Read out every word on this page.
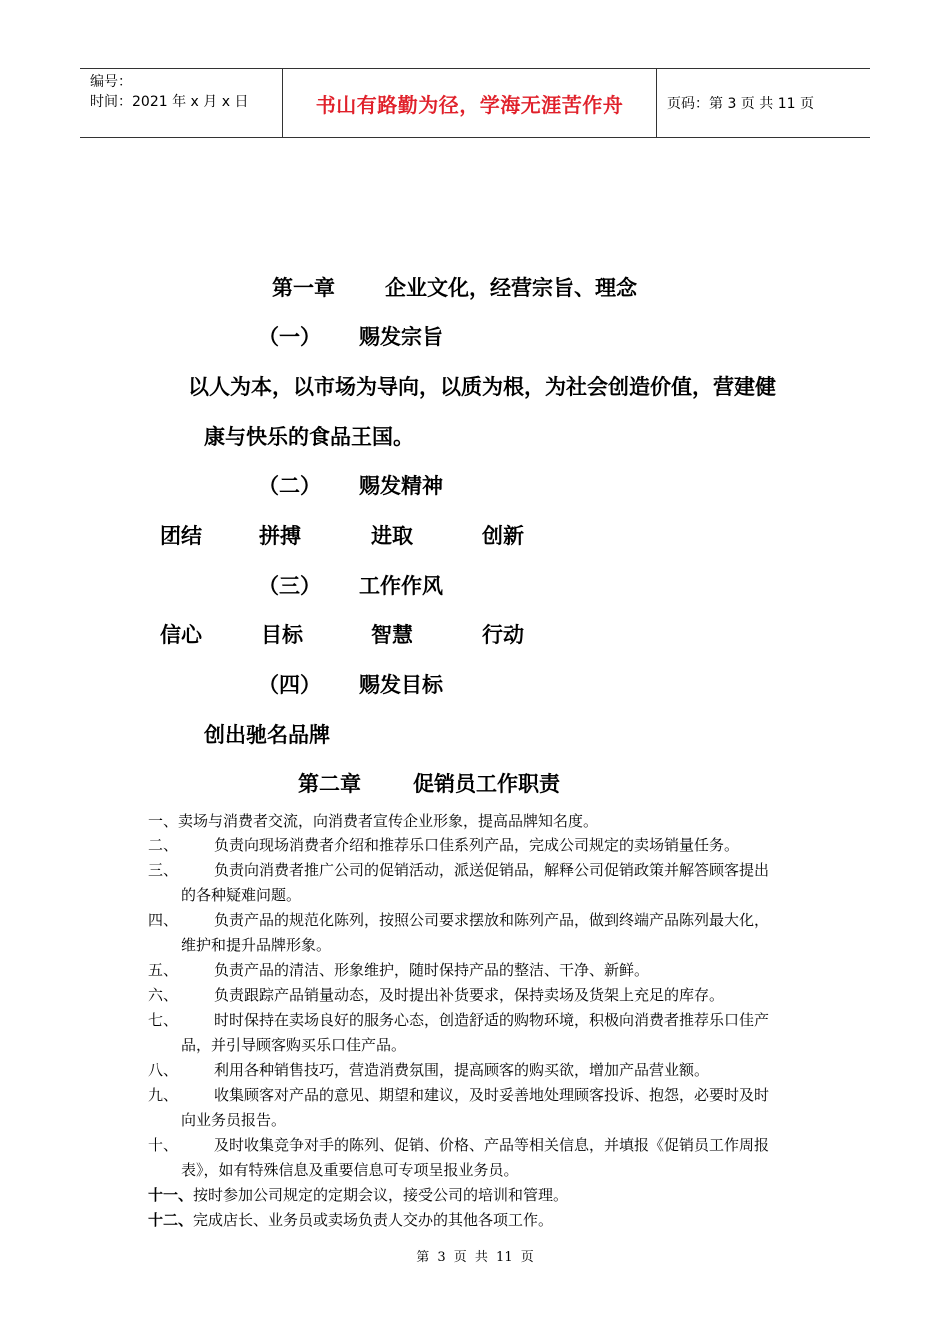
编号：
时间：2021 年 x 月 x 日	书山有路勤为径，学海无涯苦作舟	页码：第 3 页 共 11 页
第一章 企业文化，经营宗旨、理念
（一） 赐发宗旨
以人为本，以市场为导向，以质为根，为社会创造价值，营建健
康与快乐的食品王国。
（二） 赐发精神
团结	拼搏	进取	创新
（三） 工作作风
信心	目标	智慧	行动
（四） 赐发目标
创出驰名品牌
第二章 促销员工作职责
一、卖场与消费者交流，向消费者宣传企业形象，提高品牌知名度。
二、 负责向现场消费者介绍和推荐乐口佳系列产品，完成公司规定的卖场销量任务。
三、 负责向消费者推广公司的促销活动，派送促销品，解释公司促销政策并解答顾客提出
的各种疑难问题。
四、 负责产品的规范化陈列，按照公司要求摆放和陈列产品，做到终端产品陈列最大化，
维护和提升品牌形象。
五、 负责产品的清洁、形象维护，随时保持产品的整洁、干净、新鲜。
六、 负责跟踪产品销量动态，及时提出补货要求，保持卖场及货架上充足的库存。
七、 时时保持在卖场良好的服务心态，创造舒适的购物环境，积极向消费者推荐乐口佳产
品，并引导顾客购买乐口佳产品。
八、 利用各种销售技巧，营造消费氛围，提高顾客的购买欲，增加产品营业额。
九、 收集顾客对产品的意见、期望和建议，及时妥善地处理顾客投诉、抱怨，必要时及时
向业务员报告。
十、 及时收集竞争对手的陈列、促销、价格、产品等相关信息，并填报《促销员工作周报
表》，如有特殊信息及重要信息可专项呈报业务员。
十一、按时参加公司规定的定期会议，接受公司的培训和管理。
十二、完成店长、业务员或卖场负责人交办的其他各项工作。
第 3 页 共 11 页
